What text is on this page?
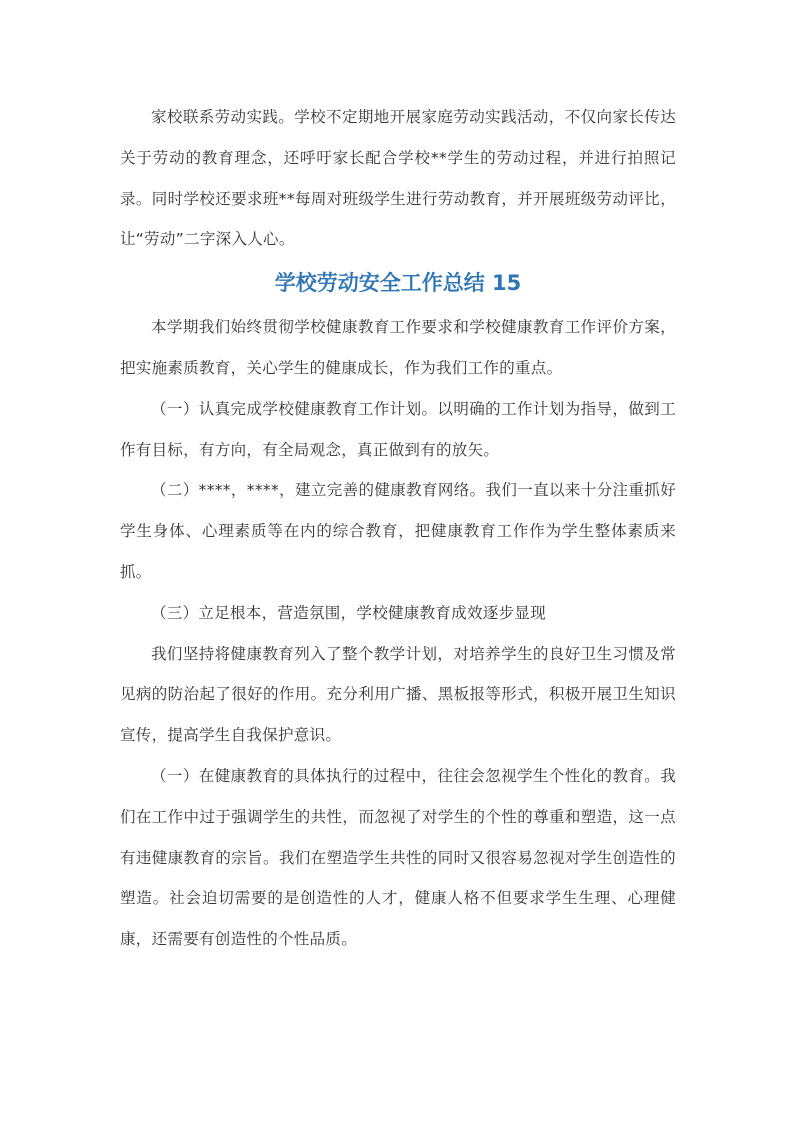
家校联系劳动实践。学校不定期地开展家庭劳动实践活动，不仅向家长传达关于劳动的教育理念，还呼吁家长配合学校**学生的劳动过程，并进行拍照记录。同时学校还要求班**每周对班级学生进行劳动教育，并开展班级劳动评比，让“劳动”二字深入人心。

学校劳动安全工作总结 15

本学期我们始终贯彻学校健康教育工作要求和学校健康教育工作评价方案，把实施素质教育，关心学生的健康成长，作为我们工作的重点。

（一）认真完成学校健康教育工作计划。以明确的工作计划为指导，做到工作有目标，有方向，有全局观念，真正做到有的放矢。

（二）****，****，建立完善的健康教育网络。我们一直以来十分注重抓好学生身体、心理素质等在内的综合教育，把健康教育工作作为学生整体素质来抓。

（三）立足根本，营造氛围，学校健康教育成效逐步显现

我们坚持将健康教育列入了整个教学计划，对培养学生的良好卫生习惯及常见病的防治起了很好的作用。充分利用广播、黑板报等形式，积极开展卫生知识宣传，提高学生自我保护意识。

（一）在健康教育的具体执行的过程中，往往会忽视学生个性化的教育。我们在工作中过于强调学生的共性，而忽视了对学生的个性的尊重和塑造，这一点有违健康教育的宗旨。我们在塑造学生共性的同时又很容易忽视对学生创造性的塑造。社会迫切需要的是创造性的人才，健康人格不但要求学生生理、心理健康，还需要有创造性的个性品质。
